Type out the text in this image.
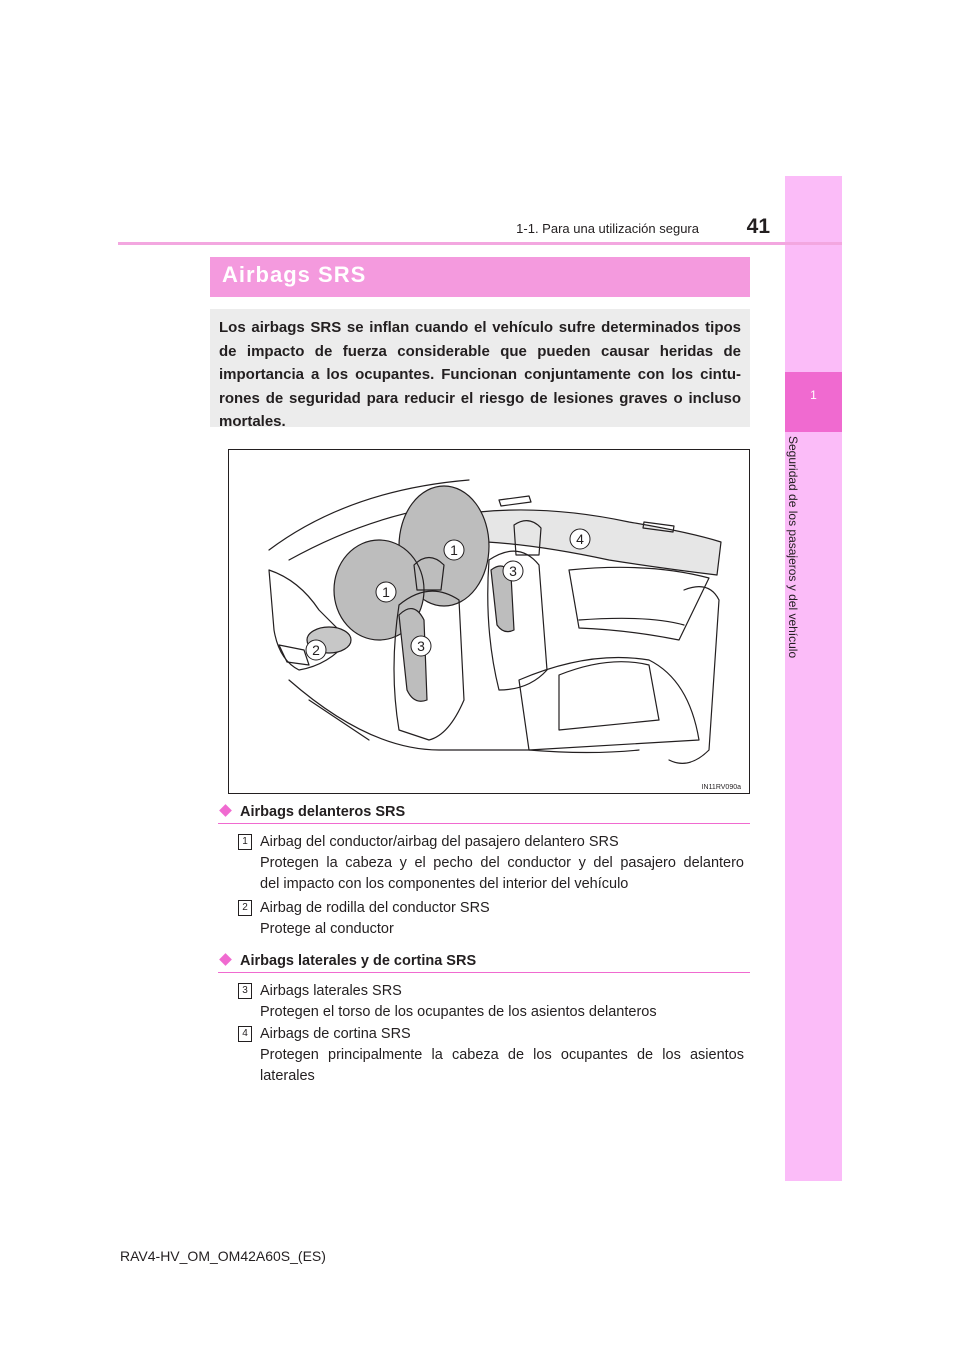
1
Seguridad de los pasajeros y del vehículo
1-1. Para una utilización segura	41
Airbags SRS
Los airbags SRS se inflan cuando el vehículo sufre determinados tipos
de impacto de fuerza considerable que pueden causar heridas de
importancia a los ocupantes. Funcionan conjuntamente con los cintu-
rones de seguridad para reducir el riesgo de lesiones graves o incluso
mortales.
1
1
2	3
3
4
IN11RV090a
Airbags delanteros SRS
1 Airbag del conductor/airbag del pasajero delantero SRS
Protegen la cabeza y el pecho del conductor y del pasajero delantero
del impacto con los componentes del interior del vehículo
2 Airbag de rodilla del conductor SRS
Protege al conductor
Airbags laterales y de cortina SRS
3 Airbags laterales SRS
Protegen el torso de los ocupantes de los asientos delanteros
4 Airbags de cortina SRS
Protegen principalmente la cabeza de los ocupantes de los asientos
laterales
RAV4-HV_OM_OM42A60S_(ES)
